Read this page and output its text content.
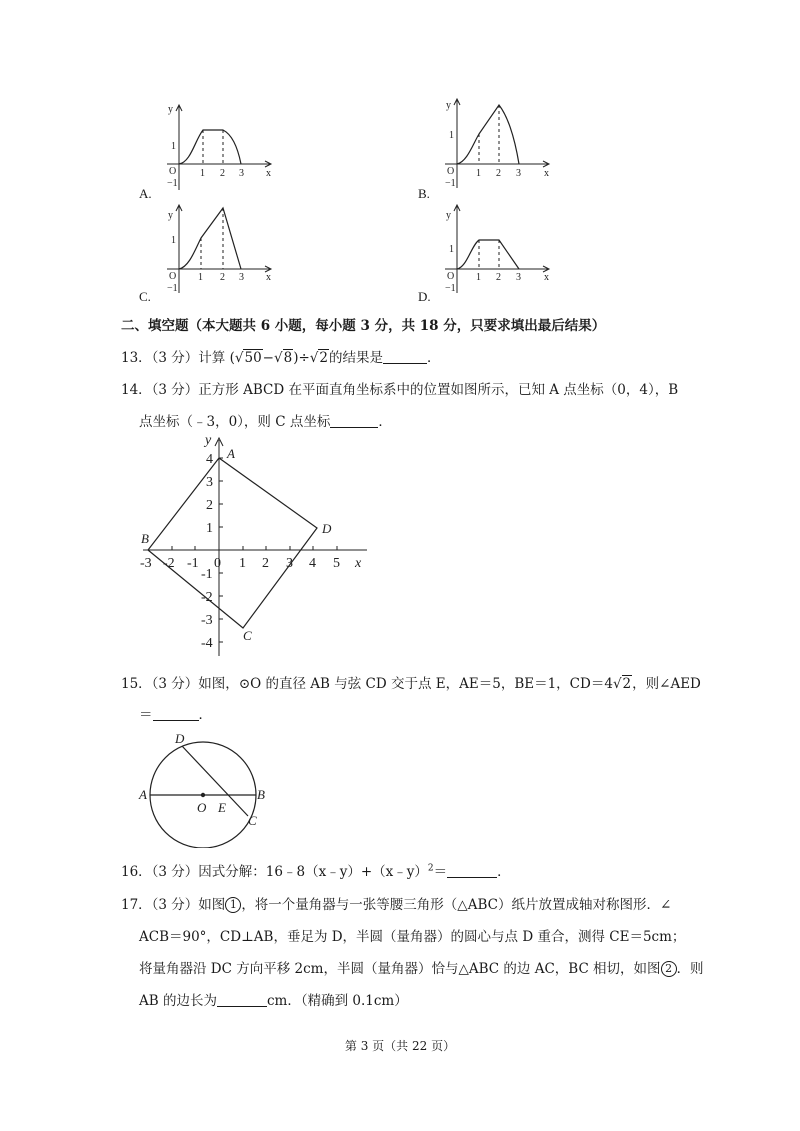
y
x
O
1
−1
1 2 3
A.
y
x
O
1
−1
1 2 3
B.
y
x
O
1
−1
1 2 3
C.
y
x
O
1
−1
1 2 3
D.
二、填空题（本大题共 6 小题，每小题 3 分，共 18 分，只要求填出最后结果）
13．（3 分）计算 (√50−√8)÷√2的结果是	．
14．（3 分）正方形 ABCD 在平面直角坐标系中的位置如图所示，已知 A 点坐标（0，4），B
点坐标（﹣3，0），则 C 点坐标	．
y
A
B
C
D
-3 -2 -1 0 1 2 3 4 5 x
4
3
2
1
-1
-2
-3
-4
15．（3 分）如图，⊙O 的直径 AB 与弦 CD 交于点 E，AE＝5，BE＝1，CD＝4√2，则∠AED
＝	．
D
A	B
C
O E
16．（3 分）因式分解：16﹣8（x﹣y）+（x﹣y）$^2$＝	．
17．（3 分）如图 1 ，将一个量角器与一张等腰三角形（△ABC）纸片放置成轴对称图形．∠
ACB＝90°，CD⊥AB，垂足为 D，半圆（量角器）的圆心与点 D 重合，测得 CE＝5cm；
将量角器沿 DC 方向平移 2cm，半圆（量角器）恰与△ABC 的边 AC，BC 相切，如图 2 ．则
AB 的边长为	cm．（精确到 0.1cm）
第 3 页（共 22 页）
